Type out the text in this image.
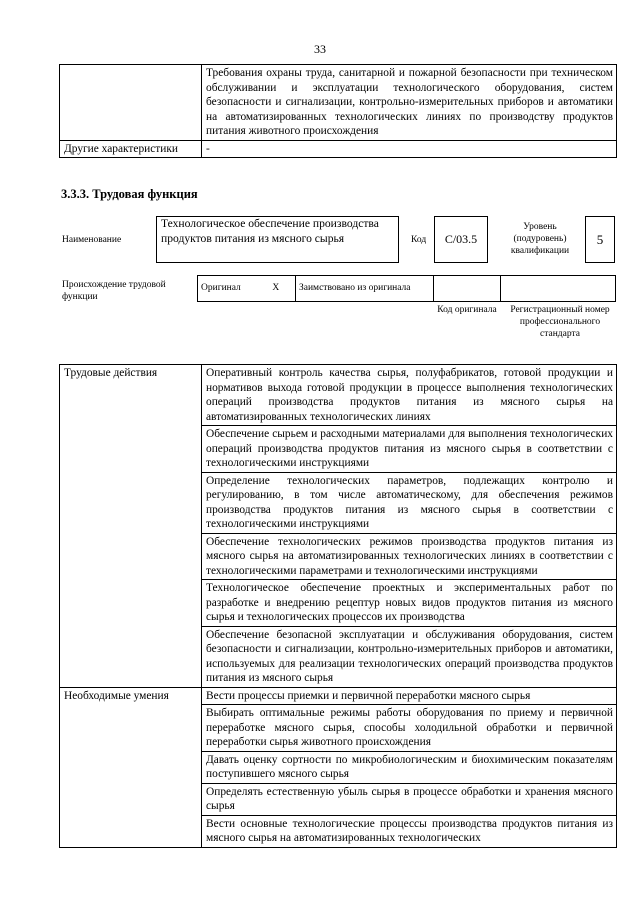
33
	Требования охраны труда, санитарной и пожарной безопасности при техническом обслуживании и эксплуатации технологического оборудования, систем безопасности и сигнализации, контрольно-измерительных приборов и автоматики на автоматизированных технологических линиях по производству продуктов питания животного происхождения
Другие характеристики	-
3.3.3. Трудовая функция
Наименование
Технологическое обеспечение производства продуктов питания из мясного сырья	Код	C/03.5
Уровень (подуровень) квалификации
5
Происхождение трудовой функции
Оригинал	X	Заимствовано из оригинала		
Код оригинала	Регистрационный номер профессионального стандарта
Трудовые действия	Оперативный контроль качества сырья, полуфабрикатов, готовой продукции и нормативов выхода готовой продукции в процессе выполнения технологических операций производства продуктов питания из мясного сырья на автоматизированных технологических линиях
	Обеспечение сырьем и расходными материалами для выполнения технологических операций производства продуктов питания из мясного сырья в соответствии с технологическими инструкциями
	Определение технологических параметров, подлежащих контролю и регулированию, в том числе автоматическому, для обеспечения режимов производства продуктов питания из мясного сырья в соответствии с технологическими инструкциями
	Обеспечение технологических режимов производства продуктов питания из мясного сырья на автоматизированных технологических линиях в соответствии с технологическими параметрами и технологическими инструкциями
	Технологическое обеспечение проектных и экспериментальных работ по разработке и внедрению рецептур новых видов продуктов питания из мясного сырья и технологических процессов их производства
	Обеспечение безопасной эксплуатации и обслуживания оборудования, систем безопасности и сигнализации, контрольно-измерительных приборов и автоматики, используемых для реализации технологических операций производства продуктов питания из мясного сырья
Необходимые умения	Вести процессы приемки и первичной переработки мясного сырья
	Выбирать оптимальные режимы работы оборудования по приему и первичной переработке мясного сырья, способы холодильной обработки и первичной переработки сырья животного происхождения
	Давать оценку сортности по микробиологическим и биохимическим показателям поступившего мясного сырья
	Определять естественную убыль сырья в процессе обработки и хранения мясного сырья
	Вести основные технологические процессы производства продуктов питания из мясного сырья на автоматизированных технологических
